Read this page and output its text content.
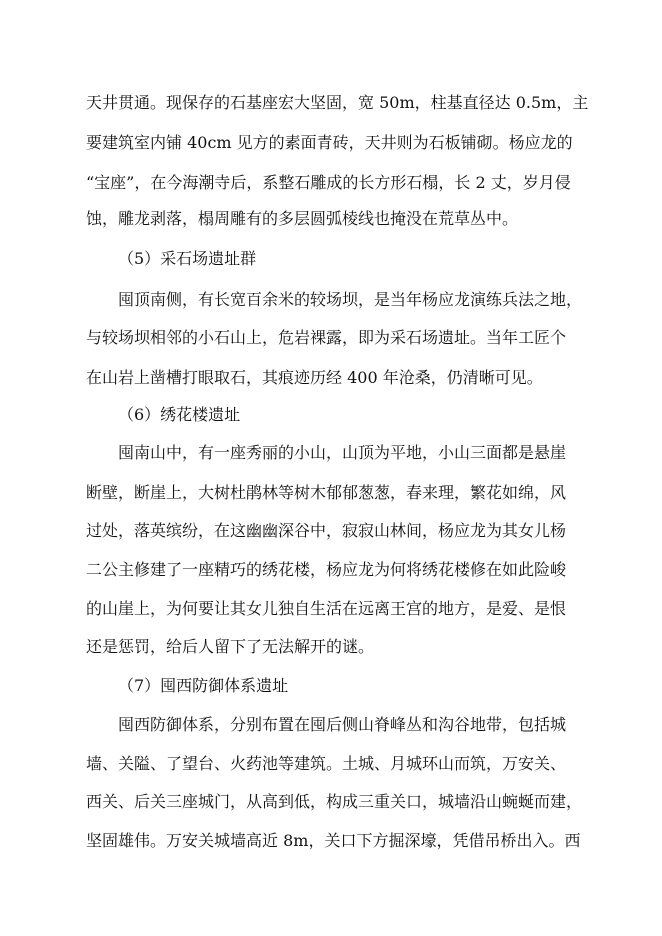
天井贯通。现保存的石基座宏大坚固，宽 50m，柱基直径达 0.5m，主
要建筑室内铺 40cm 见方的素面青砖，天井则为石板铺砌。杨应龙的
“宝座”，在今海潮寺后，系整石雕成的长方形石榻，长 2 丈，岁月侵
蚀，雕龙剥落，榻周雕有的多层圆弧棱线也掩没在荒草丛中。
（5）采石场遗址群
囤顶南侧，有长宽百余米的较场坝，是当年杨应龙演练兵法之地，
与较场坝相邻的小石山上，危岩裸露，即为采石场遗址。当年工匠个
在山岩上凿槽打眼取石，其痕迹历经 400 年沧桑，仍清晰可见。
（6）绣花楼遗址
囤南山中，有一座秀丽的小山，山顶为平地，小山三面都是悬崖
断壁，断崖上，大树杜鹃林等树木郁郁葱葱，春来理，繁花如绵，风
过处，落英缤纷，在这幽幽深谷中，寂寂山林间，杨应龙为其女儿杨
二公主修建了一座精巧的绣花楼，杨应龙为何将绣花楼修在如此险峻
的山崖上，为何要让其女儿独自生活在远离王宫的地方，是爱、是恨
还是惩罚，给后人留下了无法解开的谜。
（7）囤西防御体系遗址
囤西防御体系，分别布置在囤后侧山脊峰丛和沟谷地带，包括城
墙、关隘、了望台、火药池等建筑。土城、月城环山而筑，万安关、
西关、后关三座城门，从高到低，构成三重关口，城墙沿山蜿蜒而建，
坚固雄伟。万安关城墙高近 8m，关口下方掘深壕，凭借吊桥出入。西
